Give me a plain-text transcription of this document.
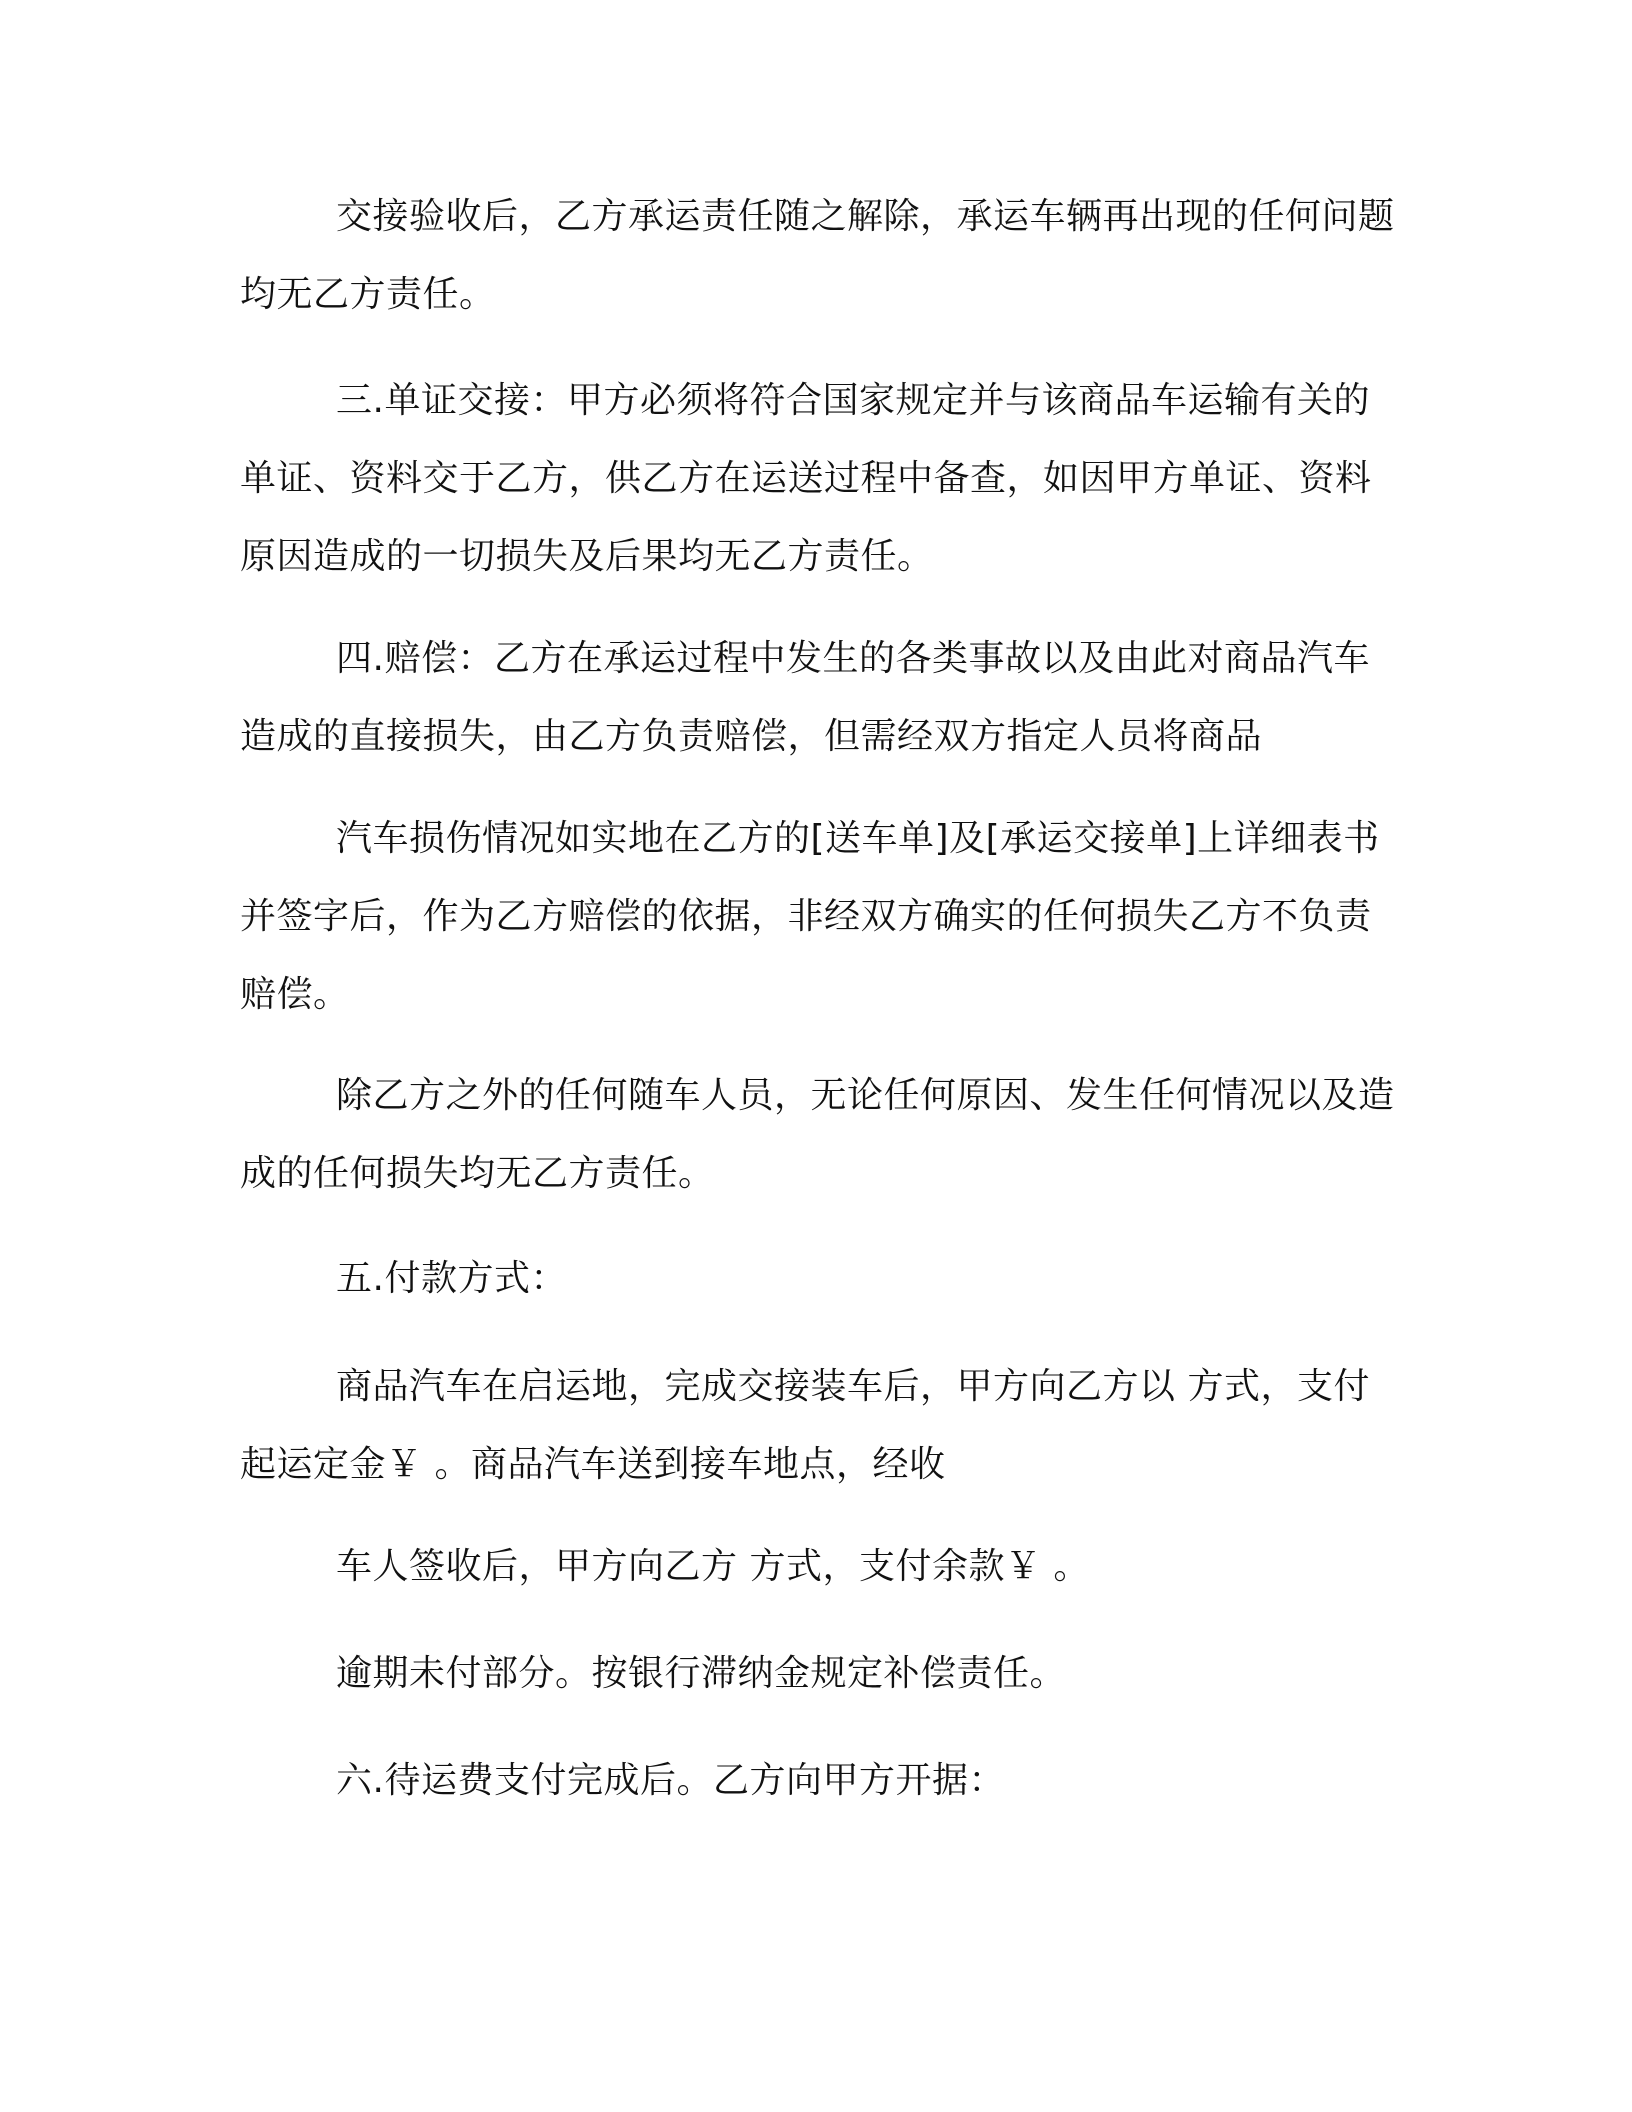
交接验收后，乙方承运责任随之解除，承运车辆再出现的任何问题均无乙方责任。

三.单证交接：甲方必须将符合国家规定并与该商品车运输有关的单证、资料交于乙方，供乙方在运送过程中备查，如因甲方单证、资料原因造成的一切损失及后果均无乙方责任。

四.赔偿：乙方在承运过程中发生的各类事故以及由此对商品汽车造成的直接损失，由乙方负责赔偿，但需经双方指定人员将商品

汽车损伤情况如实地在乙方的[送车单]及[承运交接单]上详细表书并签字后，作为乙方赔偿的依据，非经双方确实的任何损失乙方不负责赔偿。

除乙方之外的任何随车人员，无论任何原因、发生任何情况以及造成的任何损失均无乙方责任。

五.付款方式：

商品汽车在启运地，完成交接装车后，甲方向乙方以 方式，支付起运定金￥ 。商品汽车送到接车地点，经收

车人签收后，甲方向乙方 方式，支付余款￥ 。

逾期未付部分。按银行滞纳金规定补偿责任。

六.待运费支付完成后。乙方向甲方开据：
